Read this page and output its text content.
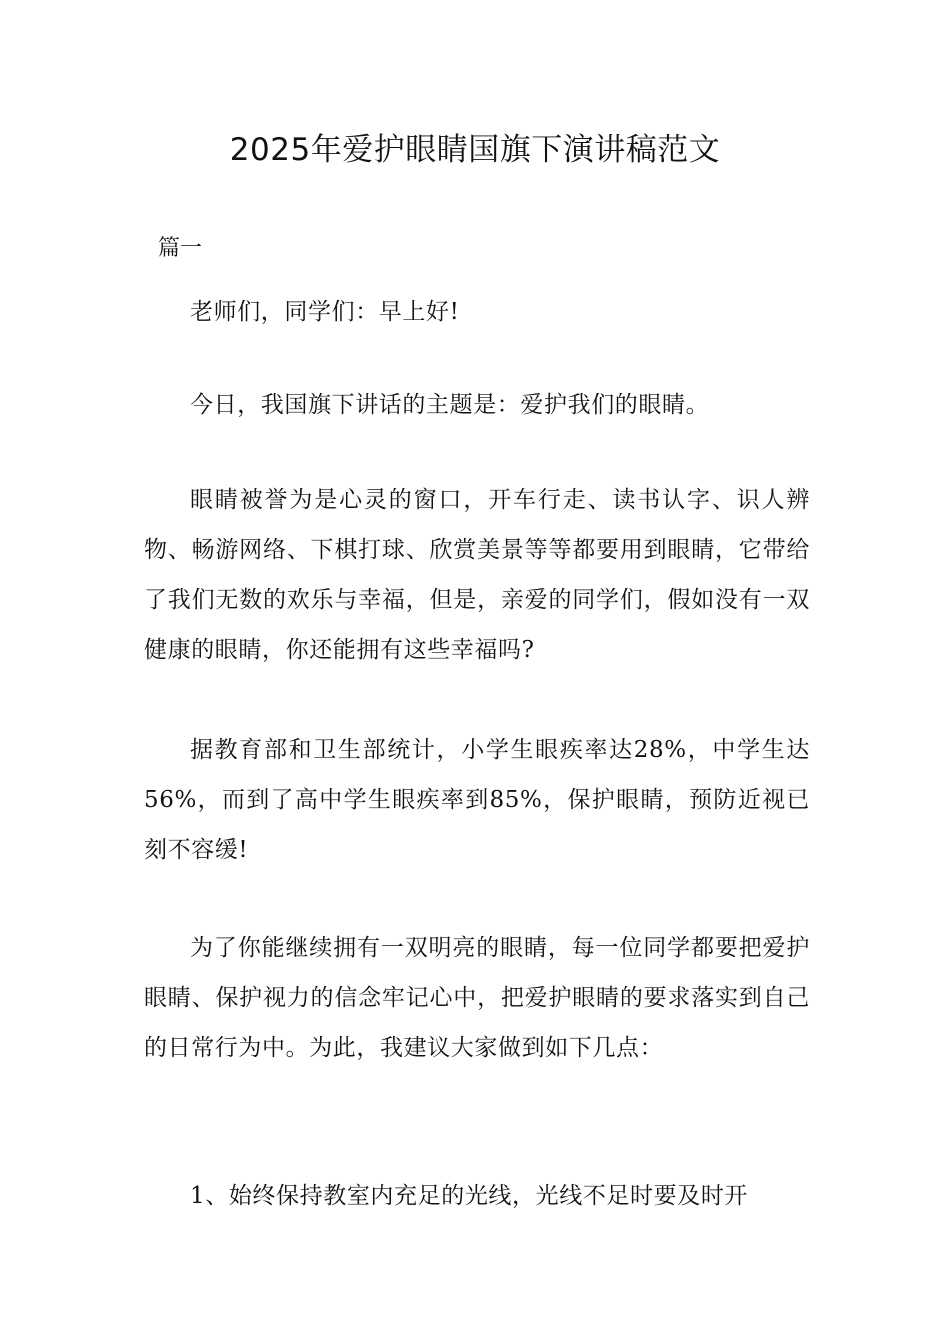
2025年爱护眼睛国旗下演讲稿范文

篇一

老师们，同学们：早上好!

今日，我国旗下讲话的主题是：爱护我们的眼睛。

眼睛被誉为是心灵的窗口，开车行走、读书认字、识人辨物、畅游网络、下棋打球、欣赏美景等等都要用到眼睛，它带给了我们无数的欢乐与幸福，但是，亲爱的同学们，假如没有一双健康的眼睛，你还能拥有这些幸福吗?

据教育部和卫生部统计，小学生眼疾率达28%，中学生达56%，而到了高中学生眼疾率到85%，保护眼睛，预防近视已刻不容缓!

为了你能继续拥有一双明亮的眼睛，每一位同学都要把爱护眼睛、保护视力的信念牢记心中，把爱护眼睛的要求落实到自己的日常行为中。为此，我建议大家做到如下几点：

1、始终保持教室内充足的光线，光线不足时要及时开
